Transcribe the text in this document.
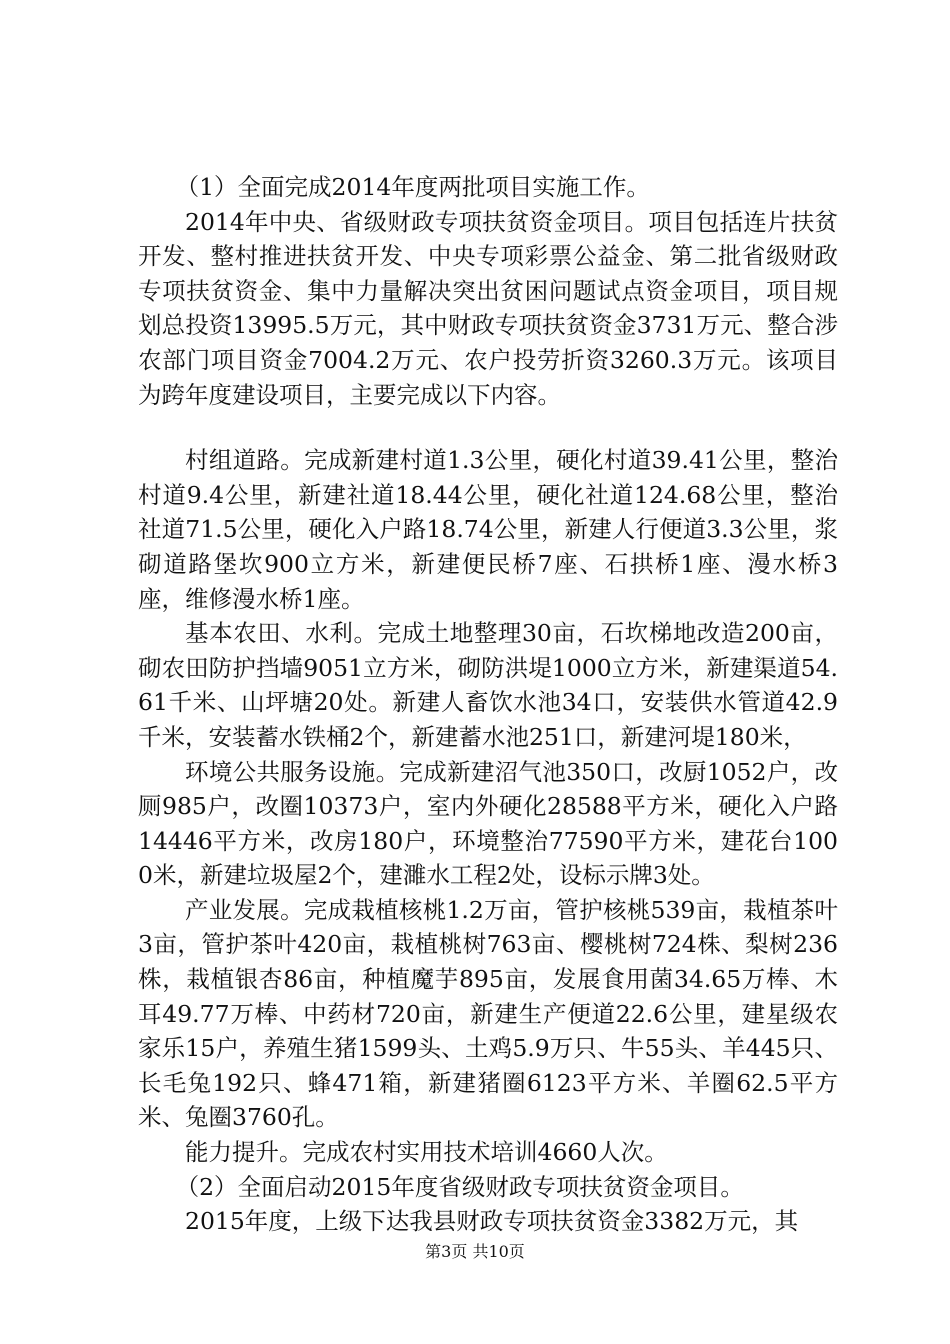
（1）全面完成2014年度两批项目实施工作。

2014年中央、省级财政专项扶贫资金项目。项目包括连片扶贫开发、整村推进扶贫开发、中央专项彩票公益金、第二批省级财政专项扶贫资金、集中力量解决突出贫困问题试点资金项目，项目规划总投资13995.5万元，其中财政专项扶贫资金3731万元、整合涉农部门项目资金7004.2万元、农户投劳折资3260.3万元。该项目为跨年度建设项目，主要完成以下内容。

村组道路。完成新建村道1.3公里，硬化村道39.41公里，整治村道9.4公里，新建社道18.44公里，硬化社道124.68公里，整治社道71.5公里，硬化入户路18.74公里，新建人行便道3.3公里，浆砌道路堡坎900立方米，新建便民桥7座、石拱桥1座、漫水桥3座，维修漫水桥1座。

基本农田、水利。完成土地整理30亩，石坎梯地改造200亩，砌农田防护挡墙9051立方米，砌防洪堤1000立方米，新建渠道54.61千米、山坪塘20处。新建人畜饮水池34口，安装供水管道42.9千米，安装蓄水铁桶2个，新建蓄水池251口，新建河堤180米，

环境公共服务设施。完成新建沼气池350口，改厨1052户，改厕985户，改圈10373户，室内外硬化28588平方米，硬化入户路14446平方米，改房180户，环境整治77590平方米，建花台1000米，新建垃圾屋2个，建濉水工程2处，设标示牌3处。

产业发展。完成栽植核桃1.2万亩，管护核桃539亩，栽植茶叶3亩，管护茶叶420亩，栽植桃树763亩、樱桃树724株、梨树236株，栽植银杏86亩，种植魔芋895亩，发展食用菌34.65万棒、木耳49.77万棒、中药材720亩，新建生产便道22.6公里，建星级农家乐15户，养殖生猪1599头、土鸡5.9万只、牛55头、羊445只、长毛兔192只、蜂471箱，新建猪圈6123平方米、羊圈62.5平方米、兔圈3760孔。

能力提升。完成农村实用技术培训4660人次。

（2）全面启动2015年度省级财政专项扶贫资金项目。

2015年度，上级下达我县财政专项扶贫资金3382万元，其

第3页 共10页
